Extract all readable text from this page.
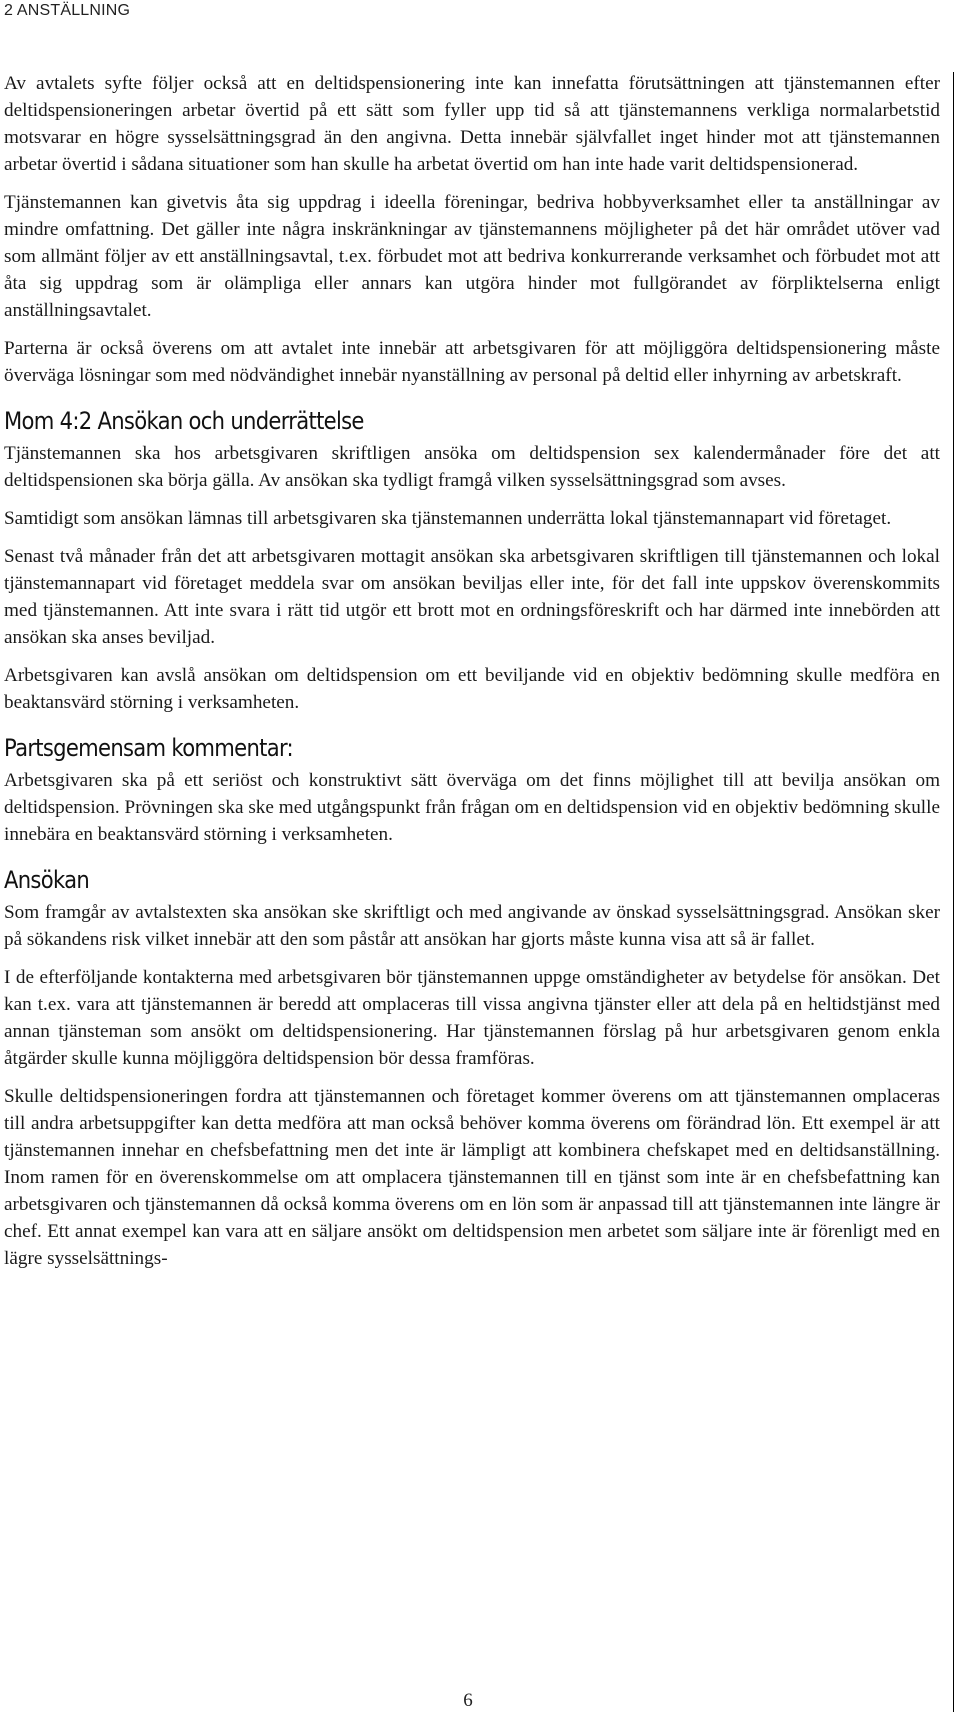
2 ANSTÄLLNING

Av avtalets syfte följer också att en deltidspensionering inte kan innefatta förutsättningen att tjänstemannen efter deltidspensioneringen arbetar övertid på ett sätt som fyller upp tid så att tjänstemannens verkliga normalarbetstid motsvarar en högre sysselsättningsgrad än den angivna. Detta innebär självfallet inget hinder mot att tjänstemannen arbetar övertid i sådana situationer som han skulle ha arbetat övertid om han inte hade varit deltidspensionerad.

Tjänstemannen kan givetvis åta sig uppdrag i ideella föreningar, bedriva hobbyverksamhet eller ta anställningar av mindre omfattning. Det gäller inte några inskränkningar av tjänstemannens möjligheter på det här området utöver vad som allmänt följer av ett anställningsavtal, t.ex. förbudet mot att bedriva konkurrerande verksamhet och förbudet mot att åta sig uppdrag som är olämpliga eller annars kan utgöra hinder mot fullgörandet av förpliktelserna enligt anställningsavtalet.

Parterna är också överens om att avtalet inte innebär att arbetsgivaren för att möjliggöra deltidspensionering måste överväga lösningar som med nödvändighet innebär nyanställning av personal på deltid eller inhyrning av arbetskraft.

Mom 4:2 Ansökan och underrättelse

Tjänstemannen ska hos arbetsgivaren skriftligen ansöka om deltidspension sex kalendermånader före det att deltidspensionen ska börja gälla. Av ansökan ska tydligt framgå vilken sysselsättningsgrad som avses.

Samtidigt som ansökan lämnas till arbetsgivaren ska tjänstemannen underrätta lokal tjänstemannapart vid företaget.

Senast två månader från det att arbetsgivaren mottagit ansökan ska arbetsgivaren skriftligen till tjänstemannen och lokal tjänstemannapart vid företaget meddela svar om ansökan beviljas eller inte, för det fall inte uppskov överenskommits med tjänstemannen. Att inte svara i rätt tid utgör ett brott mot en ordningsföreskrift och har därmed inte innebörden att ansökan ska anses beviljad.

Arbetsgivaren kan avslå ansökan om deltidspension om ett beviljande vid en objektiv bedömning skulle medföra en beaktansvärd störning i verksamheten.

Partsgemensam kommentar:

Arbetsgivaren ska på ett seriöst och konstruktivt sätt överväga om det finns möjlighet till att bevilja ansökan om deltidspension. Prövningen ska ske med utgångspunkt från frågan om en deltidspension vid en objektiv bedömning skulle innebära en beaktansvärd störning i verksamheten.

Ansökan

Som framgår av avtalstexten ska ansökan ske skriftligt och med angivande av önskad sysselsättningsgrad. Ansökan sker på sökandens risk vilket innebär att den som påstår att ansökan har gjorts måste kunna visa att så är fallet.

I de efterföljande kontakterna med arbetsgivaren bör tjänstemannen uppge omständigheter av betydelse för ansökan. Det kan t.ex. vara att tjänstemannen är beredd att omplaceras till vissa angivna tjänster eller att dela på en heltidstjänst med annan tjänsteman som ansökt om deltidspensionering. Har tjänstemannen förslag på hur arbetsgivaren genom enkla åtgärder skulle kunna möjliggöra deltidspension bör dessa framföras.

Skulle deltidspensioneringen fordra att tjänstemannen och företaget kommer överens om att tjänstemannen omplaceras till andra arbetsuppgifter kan detta medföra att man också behöver komma överens om förändrad lön. Ett exempel är att tjänstemannen innehar en chefsbefattning men det inte är lämpligt att kombinera chefskapet med en deltidsanställning. Inom ramen för en överenskommelse om att omplacera tjänstemannen till en tjänst som inte är en chefsbefattning kan arbetsgivaren och tjänstemannen då också komma överens om en lön som är anpassad till att tjänstemannen inte längre är chef. Ett annat exempel kan vara att en säljare ansökt om deltidspension men arbetet som säljare inte är förenligt med en lägre sysselsättnings-

6
